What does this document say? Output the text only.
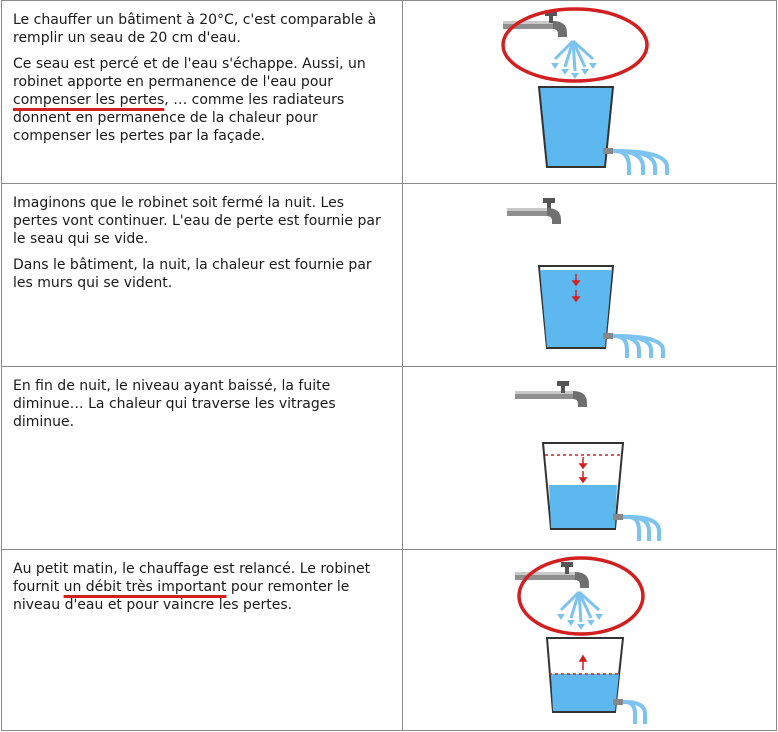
Le chauffer un bâtiment à 20°C, c'est comparable à remplir un seau de 20 cm d'eau.

Ce seau est percé et de l'eau s'échappe. Aussi, un robinet apporte en permanence de l'eau pour compenser les pertes, … comme les radiateurs donnent en permanence de la chaleur pour compenser les pertes par la façade.

Imaginons que le robinet soit fermé la nuit. Les pertes vont continuer. L'eau de perte est fournie par le seau qui se vide.

Dans le bâtiment, la nuit, la chaleur est fournie par les murs qui se vident.

En fin de nuit, le niveau ayant baissé, la fuite diminue… La chaleur qui traverse les vitrages diminue.

Au petit matin, le chauffage est relancé. Le robinet fournit un débit très important pour remonter le niveau d'eau et pour vaincre les pertes.
